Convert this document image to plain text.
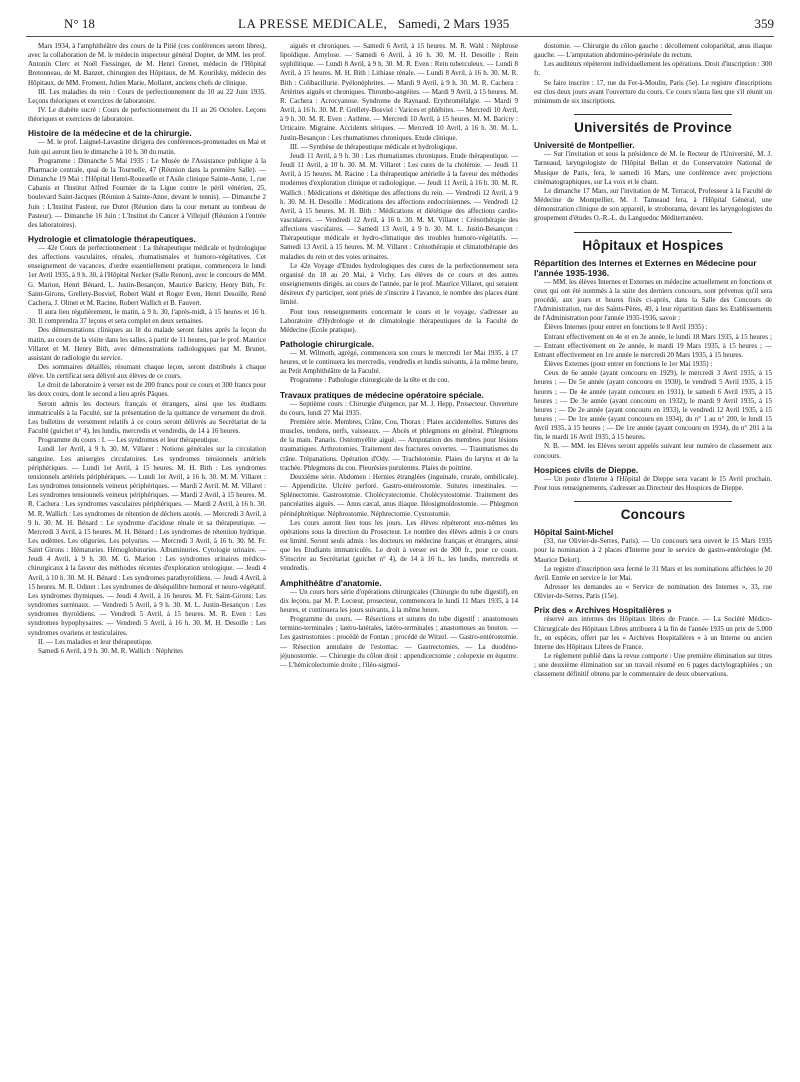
N° 18	LA PRESSE MEDICALE, Samedi, 2 Mars 1935	359

Mars 1934, à l'amphithéâtre des cours de la Pitié (ces conférences seront libres), avec la collaboration de M. le médecin inspecteur général Dopter, de MM. les prof. Antonin Clerc et Noël Fiessinger, de M. Henri Grenet, médecin de l'Hôpital Bretonneau, de M. Banzet, chirurgien des Hôpitaux, de M. Kourilsky, médecin des Hôpitaux, de MM. Froment, Julien Marie, Mollaret, anciens chefs de clinique.

III. Les maladies du rein : Cours de perfectionnement du 10 au 22 Juin 1935. Leçons théoriques et exercices de laboratoire.

IV. Le diabète sucré : Cours de perfectionnement du 11 au 26 Octobre. Leçons théoriques et exercices de laboratoire.

Histoire de la médecine et de la chirurgie.

— M. le prof. Laignel-Lavastine dirigera des conférences-promenades en Mai et Juin qui auront lieu le dimanche à 10 h. 30 du matin.

Programme : Dimanche 5 Mai 1935 : Le Musée de l'Assistance publique à la Pharmacie centrale, quai de la Tournelle, 47 (Réunion dans la première Salle). — Dimanche 19 Mai : l'Hôpital Henri-Rousselle et l'Asile clinique Sainte-Anne, 1, rue Cabanis et l'Institut Alfred Fournier de la Ligue contre le péril vénérien, 25, boulevard Saint-Jacques (Réunion à Sainte-Anne, devant le tennis). — Dimanche 2 Juin : L'Institut Pasteur, rue Dutot (Réunion dans la cour menant au tombeau de Pasteur). — Dimanche 16 Juin : L'Institut du Cancer à Villejuif (Réunion à l'entrée des laboratoires).

Hydrologie et climatologie thérapeutiques.

— 42e Cours de perfectionnement : La thérapeutique médicale et hydrologique des affections vasculaires, rénales, rhumatismales et humoro-végétatives. Cet enseignement de vacances, d'ordre essentiellement pratique, commencera le lundi 1er Avril 1935, à 9 h. 30, à l'Hôpital Necker (Salle Renon), avec le concours de MM. G. Marion, Henri Bénard, L. Justin-Besançon, Maurice Baricty, Henry Bith, Fr. Saint-Girons, Grellety-Bosviel, Robert Wahl et Roger Even, Henri Desoille, René Cachera, J. Olinet et M. Racine, Robert Wallich et B. Fauvert.

Il aura lieu régulièrement, le matin, à 9 h. 30, l'après-midi, à 15 heures et 16 h. 30. Il comprendra 37 leçons et sera complet en deux semaines.

Des démonstrations cliniques au lit du malade seront faites après la leçon du matin, au cours de la visite dans les salles, à partir de 11 heures, par le prof. Maurice Villaret et M. Henry Bith, avec démonstrations radiologiques par M. Brunet, assistant de radiologie du service.

Des sommaires détaillés, résumant chaque leçon, seront distribués à chaque élève. Un certificat sera délivré aux élèves de ce cours.

Le droit de laboratoire à verser est de 200 francs pour ce cours et 300 francs pour les deux cours, dont le second a lieu après Pâques.

Seront admis les docteurs français et étrangers, ainsi que les étudiants immatriculés à la Faculté, sur la présentation de la quittance de versement du droit. Les bulletins de versement relatifs à ce cours seront délivrés au Secrétariat de la Faculté (guichet n° 4), les lundis, mercredis et vendredis, de 14 à 16 heures.

Programme du cours : I. — Les syndromes et leur thérapeutique.

Lundi 1er Avril, à 9 h. 30. M. Villaret : Notions générales sur la circulation sanguine. Les anisergies circulatoires. Les syndromes tensionnels artériels périphériques. — Lundi 1er Avril, à 15 heures. M. H. Bith : Les syndromes tensionnels artériels périphériques. — Lundi 1er Avril, à 16 h. 30. M. M. Villaret : Les syndromes tensionnels veineux périphériques. — Mardi 2 Avril. M. M. Villaret : Les syndromes tensionnels veineux périphériques. — Mardi 2 Avril, à 15 heures. M. R. Cachera : Les syndromes vasculaires périphériques. — Mardi 2 Avril, à 16 h. 30. M. R. Wallich : Les syndromes de rétention de déchets azotés. — Mercredi 3 Avril, à 9 h. 30. M. H. Bénard : Le syndrome d'acidose rénale et sa thérapeutique. — Mercredi 3 Avril, à 15 heures. M. H. Bénard : Les syndromes de rétention hydrique. Les œdèmes. Les oliguries. Les polyuries. — Mercredi 3 Avril, à 16 h. 30. M. Fr. Saint Girons : Hématuries. Hémoglobinuries. Albuminuries. Cytologie urinaire. — Jeudi 4 Avril, à 9 h. 30. M. G. Marion : Les syndromes urinaires médico-chirurgicaux à la faveur des méthodes récentes d'exploration urologique. — Jeudi 4 Avril, à 10 h. 30. M. H. Bénard : Les syndromes parathyroïdiens. — Jeudi 4 Avril, à 15 heures. M. R. Odinet : Les syndromes de déséquilibre humoral et neuro-végétatif. Les syndromes thymiques. — Jeudi 4 Avril, à 16 heures. M. Fr. Saint-Girons: Les syndromes surrénaux. — Vendredi 5 Avril, à 9 h. 30. M. L. Justin-Besançon : Les syndromes thyroïdiens. — Vendredi 5 Avril, à 15 heures. M. R. Even : Les syndromes hypophysaires. — Vendredi 5 Avril, à 16 h. 30. M. H. Desoille : Les syndromes ovariens et testiculaires.

II. — Les maladies et leur thérapeutique.

Samedi 6 Avril, à 9 h. 30. M. R. Wallich : Néphrites

aiguës et chroniques. — Samedi 6 Avril, à 15 heures. M. R. Wahl : Néphrose lipoïdique. Amylose. — Samedi 6 Avril, à 16 h. 30. M. H. Desoille : Rein syphilitique. — Lundi 8 Avril, à 9 h. 30. M. R. Even : Rein tuberculeux. — Lundi 8 Avril, à 15 heures. M. H. Bith : Lithiase rénale. — Lundi 8 Avril, à 16 h. 30. M. R. Bith : Colibacillurie. Pyélonéphrites. — Mardi 9 Avril, à 9 h. 30. M. R. Cachera : Artérites aiguës et chroniques. Thrombo-angéites. — Mardi 9 Avril, à 15 heures. M. R. Cachera : Acrocyanose. Syndrome de Raynaud. Erythromélalgie. — Mardi 9 Avril, à 16 h. 30. M. P. Grellety-Bosviel : Varices et phlébites. — Mercredi 10 Avril, à 9 h. 30. M. R. Even : Asthme. — Mercredi 10 Avril, à 15 heures. M. M. Baricty : Urticaire. Migraine. Accidents sériques. — Mercredi 10 Avril, à 16 h. 30. M. L. Justin-Besançon : Les rhumatismes chroniques. Etude clinique.

III. — Synthèse de thérapeutique médicale et hydrologique.

Jeudi 11 Avril, à 9 h. 30 : Les rhumatismes chroniques. Etude thérapeutique. — Jeudi 11 Avril, à 10 h. 30. M. M. Villaret : Les cures de la cholémie. — Jeudi 11 Avril, à 15 heures. M. Racine : La thérapeutique artérielle à la faveur des méthodes modernes d'exploration clinique et radiologique. — Jeudi 11 Avril, à 16 h. 30. M. R. Wallich : Médications et diététique des affections du rein. — Vendredi 12 Avril, à 9 h. 30. M. H. Desoille : Médications des affections endocriniennes. — Vendredi 12 Avril, à 15 heures. M. H. Bith : Médications et diététique des affections cardio-vasculaires. — Vendredi 12 Avril, à 16 h. 30. M. M. Villaret : Crénothérapie des affections vasculaires. — Samedi 13 Avril, à 9 h. 30. M. L. Justin-Besançon : Thérapeutique médicale et hydro-climatique des troubles humoro-végétatifs. — Samedi 13 Avril, à 15 heures. M. M. Villaret : Crénothérapie et climatothérapie des maladies du rein et des voies urinaires.

Le 42e Voyage d'Etudes hydrologiques des cures de la perfectionnement sera organisé du 18 au 20 Mai, à Vichy. Les élèves de ce cours et des autres enseignements dirigés, au cours de l'année, par le prof. Maurice Villaret, qui seraient désireux d'y participer, sont priés de s'inscrire à l'avance, le nombre des places étant limité.

Pour tous renseignements concernant le cours et le voyage, s'adresser au Laboratoire d'Hydrologie et de climatologie thérapeutiques de la Faculté de Médecine (Ecole pratique).

Pathologie chirurgicale.

— M. Wilmoth, agrégé, commencera son cours le mercredi 1er Mai 1935, à 17 heures, et le continuera les mercredis, vendredis et lundis suivants, à la même heure, au Petit Amphithéâtre de la Faculté.

Programme : Pathologie chirurgicale de la tête et du cou.

Travaux pratiques de médecine opératoire spéciale.

— Septième cours : Chirurgie d'urgence, par M. J. Hepp, Prosecteur. Ouverture du cours, lundi 27 Mai 1935.

Première série. Membres, Crâne, Cou, Thorax : Plaies accidentelles. Sutures des muscles, tendons, nerfs, vaisseaux. — Abcès et phlegmons en général. Phlegmons de la main. Panaris. Ostéomyélite aiguë. — Amputation des membres pour lésions traumatiques. Arthrotomies. Traitement des fractures ouvertes. — Traumatismes du crâne. Trépanations. Opération d'Ody. — Trachéotomie. Plaies du larynx et de la trachée. Phlegmons du cou. Pleurésies purulentes. Plaies de poitrine.

Deuxième série. Abdomen : Hernies étranglées (inguinale, crurale, ombilicale). — Appendicite. Ulcère perforé. Gastro-entérostomie. Sutures intestinales. — Splénectomie. Gastrostomie. Cholécystectomie. Cholécystostomie. Traitement des pancréatites aiguës. — Anus cæcal, anus iliaque. Iléosigmoïdostomie. — Phlegmon périnéphrétique. Néphrostomie. Néphrectomie. Cystostomie.

Les cours auront lieu tous les jours. Les élèves répèteront eux-mêmes les opérations sous la direction du Prosecteur. Le nombre des élèves admis à ce cours est limité. Seront seuls admis : les docteurs en médecine français et étrangers, ainsi que les Etudiants immatriculés. Le droit à verser est de 300 fr., pour ce cours. S'inscrire au Secrétariat (guichet n° 4), de 14 à 16 h., les lundis, mercredis et vendredis.

Amphithéâtre d'anatomie.

— Un cours hors série d'opérations chirurgicales (Chirurgie du tube digestif), en dix leçons, par M. P. Lecœur, prosecteur, commencera le lundi 11 Mars 1935, à 14 heures, et continuera les jours suivants, à la même heure.

Programme du cours. — Résections et sutures du tube digestif : anastomoses termino-terminales ; latéro-latérales, latéro-terminales ; anastomoses au bouton. — Les gastrostomies : procédé de Fontan ; procédé de Witzel. — Gastro-entérostomie. — Résection annulaire de l'estomac. — Gastrectomies. — La duodéno-jéjunostomie. — Chirurgie du côlon droit : appendicectomie ; colopexie en équerre. — L'hémicolectomie droite ; l'iléo-sigmoï-

dostomie. — Chirurgie du côlon gauche : décollement colopariétal, anus iliaque gauche. — L'amputation abdomino-périnéale du rectum.

Les auditeurs répèteront individuellement les opérations. Droit d'inscription : 300 fr.

Se faire inscrire : 17, rue du Fer-à-Moulin, Paris (5e). Le registre d'inscriptions est clos deux jours avant l'ouverture du cours. Ce cours n'aura lieu que s'il réunit un minimum de six inscriptions.

Universités de Province

Université de Montpellier.

— Sur l'invitation et sous la présidence de M. le Recteur de l'Université, M. J. Tarneaud, laryngologiste de l'Hôpital Bellan et du Conservatoire National de Musique de Paris, fera, le samedi 16 Mars, une conférence avec projections cinématographiques, sur La voix et le chant.

Le dimanche 17 Mars, sur l'invitation de M. Terracol, Professeur à la Faculté de Médecine de Montpellier, M. J. Tarneaud fera, à l'Hôpital Général, une démonstration clinique de son appareil, le stroborama, devant les laryngologistes du groupement d'études O.-R.-L. du Languedoc Méditerranéen.

Hôpitaux et Hospices

Répartition des Internes et Externes en Médecine pour l'année 1935-1936.

— MM. les élèves Internes et Externes en médecine actuellement en fonctions et ceux qui ont été nommés à la suite des derniers concours, sont prévenus qu'il sera procédé, aux jours et heures fixés ci-après, dans la Salle des Concours de l'Administration, rue des Saints-Pères, 49, à leur répartition dans les Etablissements de l'Administration pour l'année 1935-1936, savoir :

Élèves Internes (pour entrer en fonctions le 8 Avril 1935) :

Entrant effectivement en 4e et en 3e année, le lundi 18 Mars 1935, à 15 heures ; — Entrant effectivement en 2e année, le mardi 19 Mars 1935, à 15 heures ; — Entrant effectivement en 1re année le mercredi 20 Mars 1935, à 15 heures.

Élèves Externes (pour entrer en fonctions le 1er Mai 1935) :

Ceux de 6e année (ayant concouru en 1929), le mercredi 3 Avril 1935, à 15 heures ; — De 5e année (ayant concouru en 1930), le vendredi 5 Avril 1935, à 15 heures ; — De 4e année (ayant concouru en 1931), le samedi 6 Avril 1935, à 15 heures ; — De 3e année (ayant concouru en 1932), le mardi 9 Avril 1935, à 15 heures ; — De 2e année (ayant concouru en 1933), le vendredi 12 Avril 1935, à 15 heures ; — De 1re année (ayant concouru en 1934), du n° 1 au n° 200, le lundi 15 Avril 1935, à 15 heures ; — De 1re année (ayant concouru en 1934), du n° 201 à la fin, le mardi 16 Avril 1935, à 15 heures.

N. B. — MM. les Elèves seront appelés suivant leur numéro de classement aux concours.

Hospices civils de Dieppe.

— Un poste d'Interne à l'Hôpital de Dieppe sera vacant le 15 Avril prochain. Pour tous renseignements, s'adresser au Directeur des Hospices de Dieppe.

Concours

Hôpital Saint-Michel

(33, rue Olivier-de-Serres, Paris). — Un concours sera ouvert le 15 Mars 1935 pour la nomination à 2 places d'Interne pour le service de gastro-entérologie (M. Maurice Delort).

Le registre d'inscription sera fermé le 31 Mars et les nominations affichées le 20 Avril. Entrée en service le 1er Mai.

Adresser les demandes au « Service de nomination des Internes », 33, rue Olivier-de-Serres, Paris (15e).

Prix des « Archives Hospitalières »

réservé aux internes des Hôpitaux libres de France. — La Société Médico-Chirurgicale des Hôpitaux Libres attribuera à la fin de l'année 1935 un prix de 5.000 fr., en espèces, offert par les « Archives Hospitalières » à un Interne ou ancien Interne des Hôpitaux Libres de France.

Le règlement publié dans la revue comporte : Une première élimination sur titres ; une deuxième élimination sur un travail résumé en 6 pages dactylographiées ; un classement définitif obtenu par le commentaire de deux observations.
